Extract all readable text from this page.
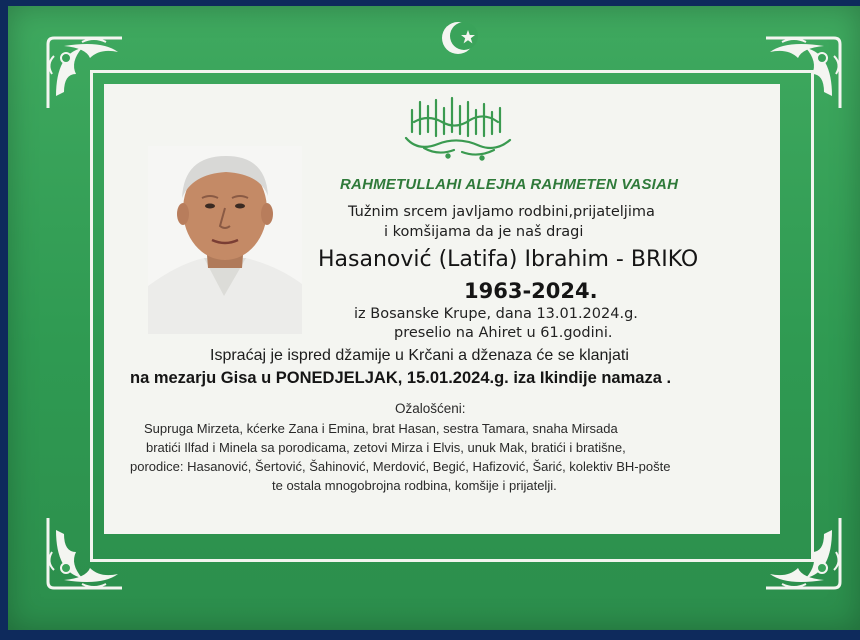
RAHMETULLAHI ALEJHA RAHMETEN VASIAH
Tužnim srcem javljamo rodbini,prijateljima
i komšijama da je naš dragi
Hasanović (Latifa) Ibrahim - BRIKO
1963-2024.
iz Bosanske Krupe, dana 13.01.2024.g.
preselio na Ahiret u 61.godini.
Ispraćaj je ispred džamije u Krčani a dženaza će se klanjati
na mezarju Gisa u PONEDJELJAK, 15.01.2024.g. iza Ikindije namaza .
Ožalošćeni:
Supruga Mirzeta, kćerke Zana i Emina, brat Hasan, sestra Tamara, snaha Mirsada
bratići Ilfad i Minela sa porodicama, zetovi Mirza i Elvis, unuk Mak, bratići i bratišne,
porodice: Hasanović, Šertović, Šahinović, Merdović, Begić, Hafizović, Šarić, kolektiv BH-pošte
te ostala mnogobrojna rodbina, komšije i prijatelji.
